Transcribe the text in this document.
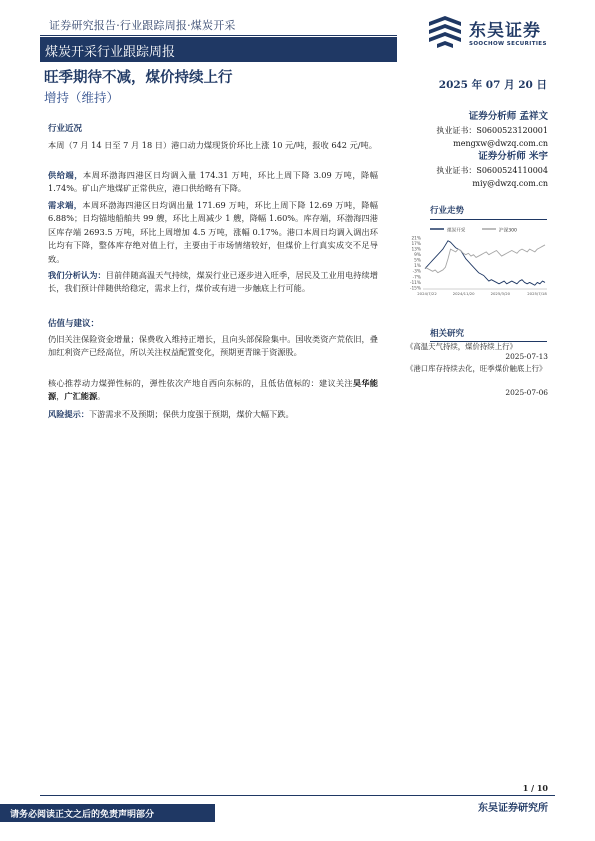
证券研究报告·行业跟踪周报·煤炭开采
煤炭开采行业跟踪周报
东吴证券
SOOCHOW SECURITIES
旺季期待不减，煤价持续上行
增持（维持）
2025 年 07 月 20 日
证券分析师 孟祥文
执业证书：S0600523120001
mengxw@dwzq.com.cn
证券分析师 米宇
执业证书：S0600524110004
miy@dwzq.com.cn
行业近况
本周（7 月 14 日至 7 月 18 日）港口动力煤现货价环比上涨 10 元/吨，报收 642 元/吨。
供给端，本周环渤海四港区日均调入量 174.31 万吨，环比上周下降 3.09 万吨，降幅 1.74%。矿山产地煤矿正常供应，港口供给略有下降。
需求端，本周环渤海四港区日均调出量 171.69 万吨，环比上周下降 12.69 万吨，降幅 6.88%；日均锚地船舶共 99 艘，环比上周减少 1 艘，降幅 1.60%。库存端，环渤海四港区库存端 2693.5 万吨，环比上周增加 4.5 万吨，涨幅 0.17%。港口本周日均调入调出环比均有下降，整体库存绝对值上行，主要由于市场情绪较好，但煤价上行真实成交不足导致。
我们分析认为：目前伴随高温天气持续，煤炭行业已逐步进入旺季，居民及工业用电持续增长，我们预计伴随供给稳定，需求上行，煤价或有进一步触底上行可能。
估值与建议：
仍旧关注保险资金增量；保费收入维持正增长，且向头部保险集中。国收类资产荒依旧，叠加红利资产已经高位，所以关注权益配置变化，预期更青睐于资源股。
核心推荐动力煤弹性标的，弹性依次产地自西向东标的，且低估值标的：建议关注昊华能源，广汇能源。
风险提示：下游需求不及预期；保供力度强于预期，煤价大幅下跌。
行业走势
煤炭开采	沪深300
21%
17%
13%
9%
5%
1%
-3%
-7%
-11%
-15%
2024/7/22	2024/11/20	2025/3/20	2025/7/18
相关研究
《高温天气持续，煤价持续上行》
2025-07-13
《港口库存持续去化，旺季煤价触底上行》
2025-07-06
1 / 10
请务必阅读正文之后的免责声明部分
东吴证券研究所
